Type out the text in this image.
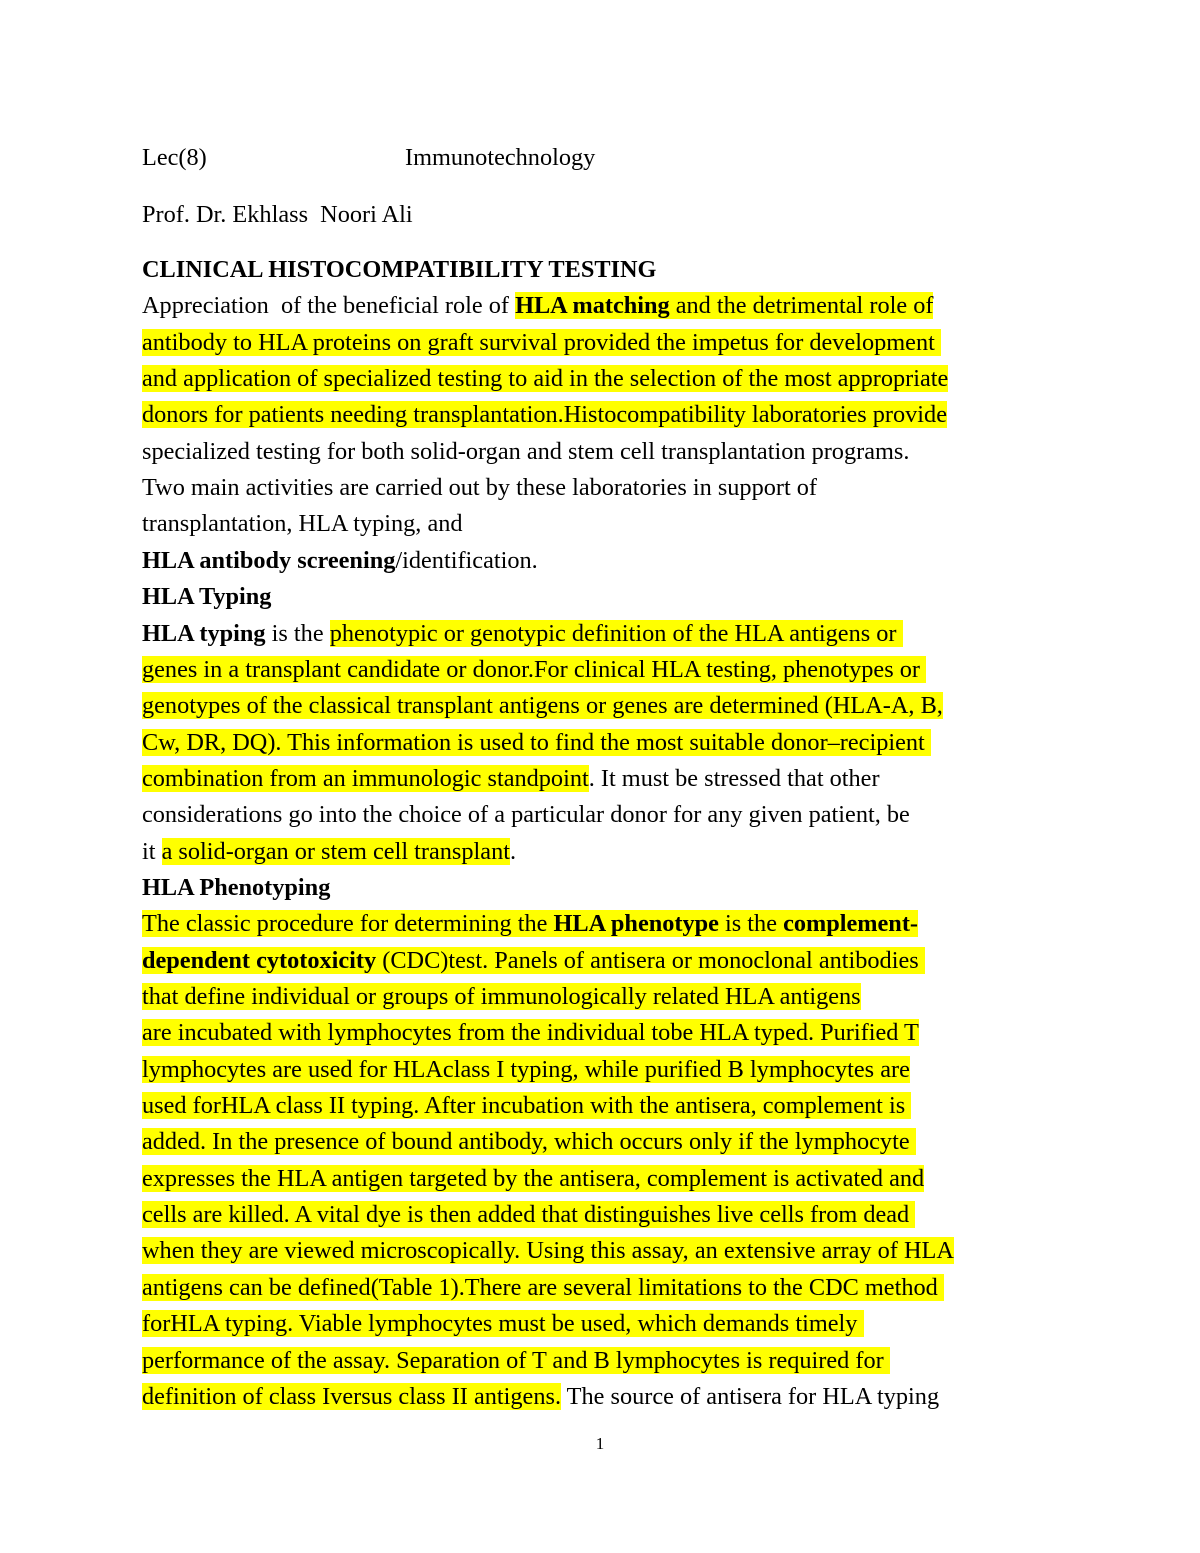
Lec(8)	Immunotechnology
Prof. Dr. Ekhlass  Noori Ali
CLINICAL HISTOCOMPATIBILITY TESTING
Appreciation  of the beneficial role of HLA matching and the detrimental role of
antibody to HLA proteins on graft survival provided the impetus for development
and application of specialized testing to aid in the selection of the most appropriate
donors for patients needing transplantation.Histocompatibility laboratories provide
specialized testing for both solid-organ and stem cell transplantation programs.
Two main activities are carried out by these laboratories in support of
transplantation, HLA typing, and
HLA antibody screening/identification.
HLA Typing
HLA typing is the phenotypic or genotypic definition of the HLA antigens or
genes in a transplant candidate or donor.For clinical HLA testing, phenotypes or
genotypes of the classical transplant antigens or genes are determined (HLA-A, B,
Cw, DR, DQ). This information is used to find the most suitable donor–recipient
combination from an immunologic standpoint. It must be stressed that other
considerations go into the choice of a particular donor for any given patient, be
it a solid-organ or stem cell transplant.
HLA Phenotyping
The classic procedure for determining the HLA phenotype is the complement-
dependent cytotoxicity (CDC)test. Panels of antisera or monoclonal antibodies
that define individual or groups of immunologically related HLA antigens
are incubated with lymphocytes from the individual tobe HLA typed. Purified T
lymphocytes are used for HLAclass I typing, while purified B lymphocytes are
used forHLA class II typing. After incubation with the antisera, complement is
added. In the presence of bound antibody, which occurs only if the lymphocyte
expresses the HLA antigen targeted by the antisera, complement is activated and
cells are killed. A vital dye is then added that distinguishes live cells from dead
when they are viewed microscopically. Using this assay, an extensive array of HLA
antigens can be defined(Table 1).There are several limitations to the CDC method
forHLA typing. Viable lymphocytes must be used, which demands timely
performance of the assay. Separation of T and B lymphocytes is required for
definition of class Iversus class II antigens. The source of antisera for HLA typing
1
